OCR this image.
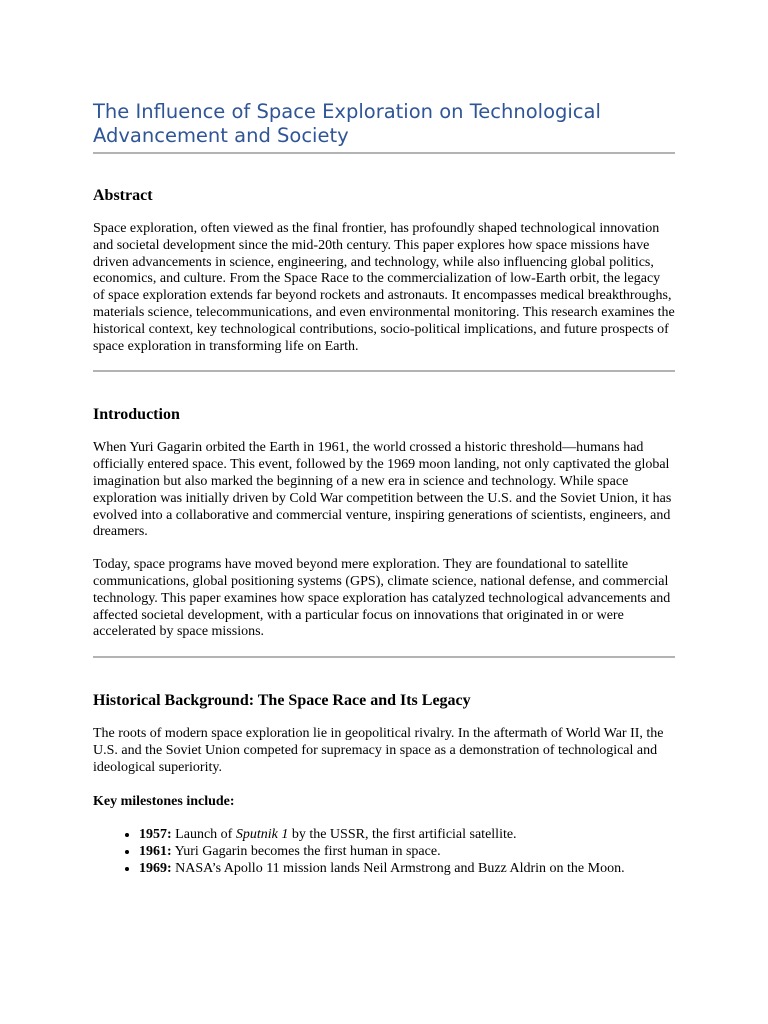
The Influence of Space Exploration on Technological
Advancement and Society
Abstract

Space exploration, often viewed as the final frontier, has profoundly shaped technological innovation and societal development since the mid-20th century. This paper explores how space missions have driven advancements in science, engineering, and technology, while also influencing global politics, economics, and culture. From the Space Race to the commercialization of low-Earth orbit, the legacy of space exploration extends far beyond rockets and astronauts. It encompasses medical breakthroughs, materials science, telecommunications, and even environmental monitoring. This research examines the historical context, key technological contributions, socio-political implications, and future prospects of space exploration in transforming life on Earth.

Introduction

When Yuri Gagarin orbited the Earth in 1961, the world crossed a historic threshold—humans had officially entered space. This event, followed by the 1969 moon landing, not only captivated the global imagination but also marked the beginning of a new era in science and technology. While space exploration was initially driven by Cold War competition between the U.S. and the Soviet Union, it has evolved into a collaborative and commercial venture, inspiring generations of scientists, engineers, and dreamers.

Today, space programs have moved beyond mere exploration. They are foundational to satellite communications, global positioning systems (GPS), climate science, national defense, and commercial technology. This paper examines how space exploration has catalyzed technological advancements and affected societal development, with a particular focus on innovations that originated in or were accelerated by space missions.

Historical Background: The Space Race and Its Legacy

The roots of modern space exploration lie in geopolitical rivalry. In the aftermath of World War II, the U.S. and the Soviet Union competed for supremacy in space as a demonstration of technological and ideological superiority.

Key milestones include:

• 1957: Launch of Sputnik 1 by the USSR, the first artificial satellite.
• 1961: Yuri Gagarin becomes the first human in space.
• 1969: NASA’s Apollo 11 mission lands Neil Armstrong and Buzz Aldrin on the Moon.
